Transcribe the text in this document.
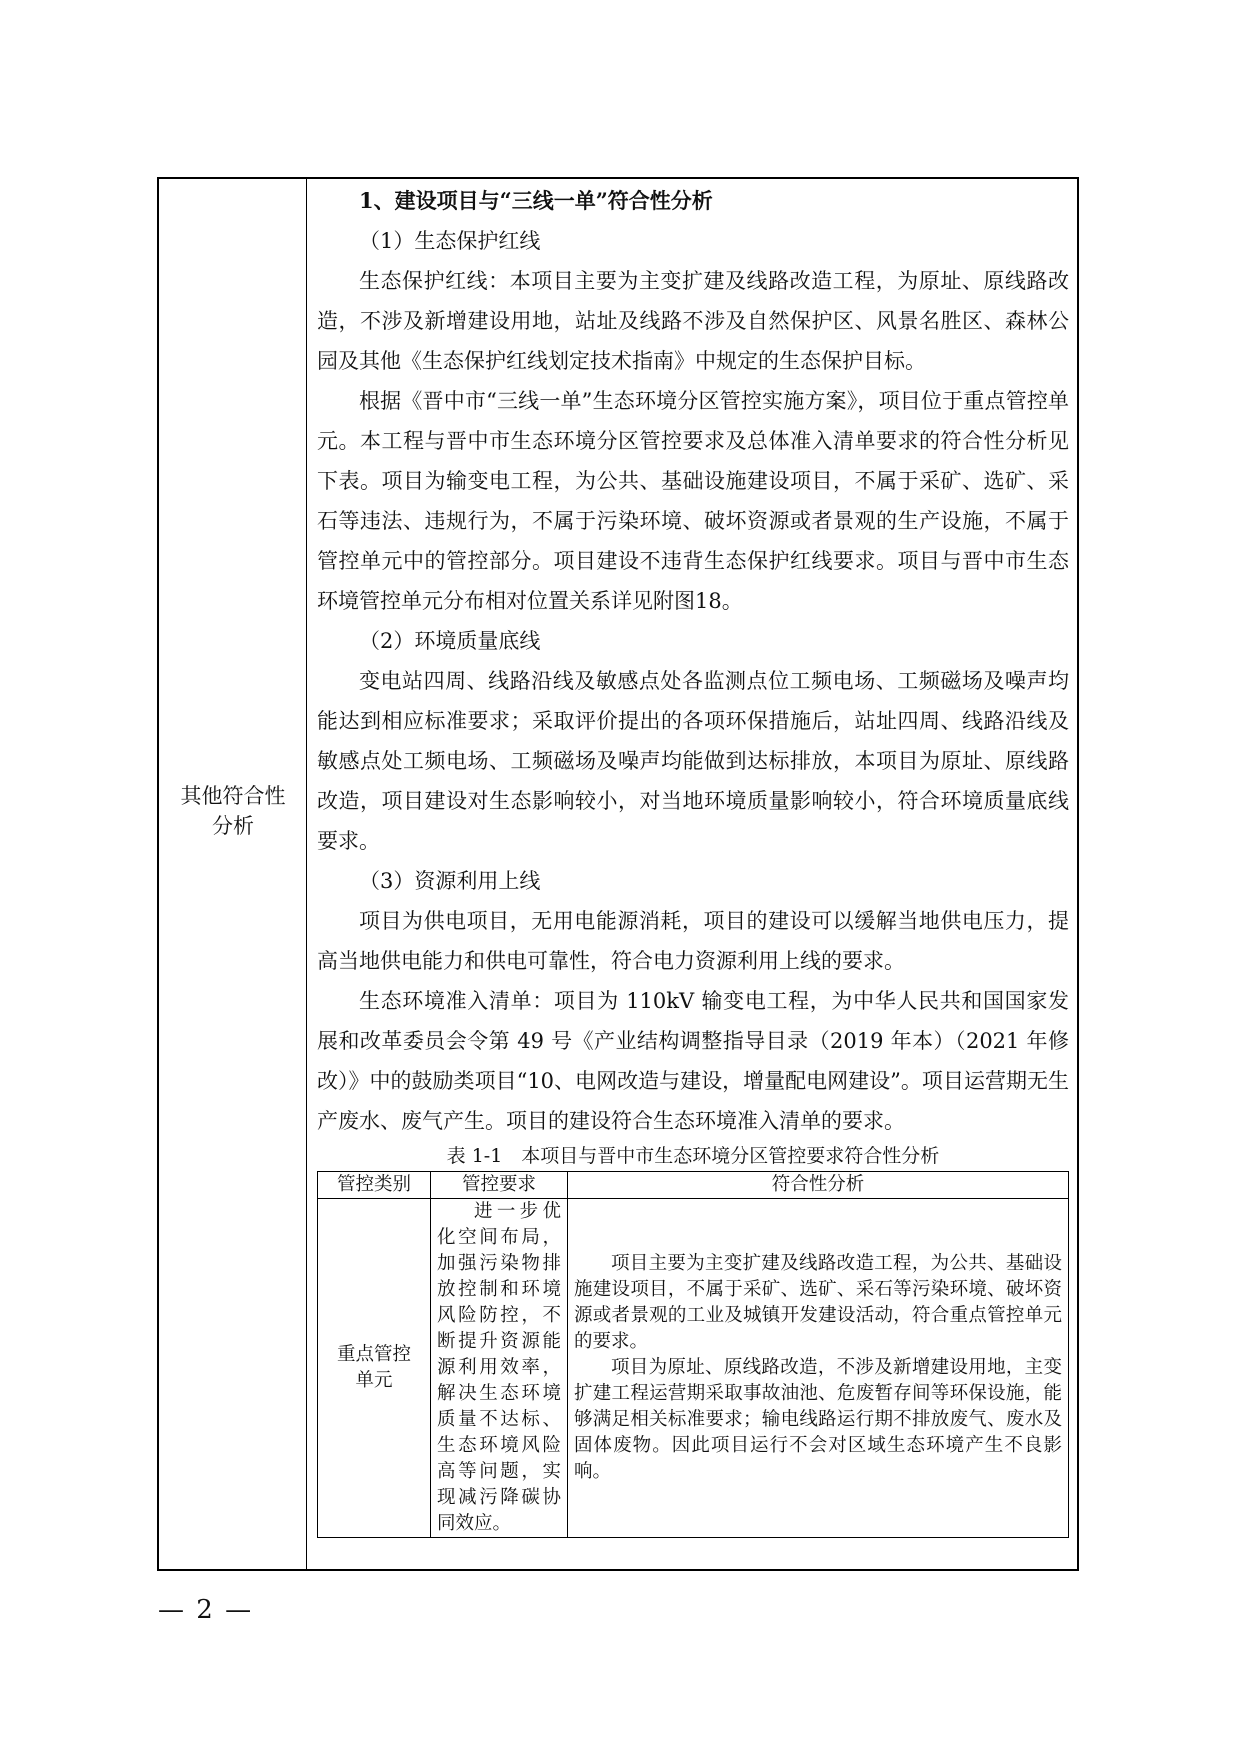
其他符合性
分析

1、建设项目与“三线一单”符合性分析

（1）生态保护红线

生态保护红线：本项目主要为主变扩建及线路改造工程，为原址、原线路改造，不涉及新增建设用地，站址及线路不涉及自然保护区、风景名胜区、森林公园及其他《生态保护红线划定技术指南》中规定的生态保护目标。

根据《晋中市“三线一单”生态环境分区管控实施方案》，项目位于重点管控单元。本工程与晋中市生态环境分区管控要求及总体准入清单要求的符合性分析见下表。项目为输变电工程，为公共、基础设施建设项目，不属于采矿、选矿、采石等违法、违规行为，不属于污染环境、破坏资源或者景观的生产设施，不属于管控单元中的管控部分。项目建设不违背生态保护红线要求。项目与晋中市生态环境管控单元分布相对位置关系详见附图18。

（2）环境质量底线

变电站四周、线路沿线及敏感点处各监测点位工频电场、工频磁场及噪声均能达到相应标准要求；采取评价提出的各项环保措施后，站址四周、线路沿线及敏感点处工频电场、工频磁场及噪声均能做到达标排放，本项目为原址、原线路改造，项目建设对生态影响较小，对当地环境质量影响较小，符合环境质量底线要求。

（3）资源利用上线

项目为供电项目，无用电能源消耗，项目的建设可以缓解当地供电压力，提高当地供电能力和供电可靠性，符合电力资源利用上线的要求。

生态环境准入清单：项目为 110kV 输变电工程，为中华人民共和国国家发展和改革委员会令第 49 号《产业结构调整指导目录（2019 年本）（2021 年修改）》中的鼓励类项目“10、电网改造与建设，增量配电网建设”。项目运营期无生产废水、废气产生。项目的建设符合生态环境准入清单的要求。

表 1-1　本项目与晋中市生态环境分区管控要求符合性分析
管控类别	管控要求	符合性分析

重点管控单元	进一步优化空间布局，加强污染物排放控制和环境风险防控，不断提升资源能源利用效率，解决生态环境质量不达标、生态环境风险高等问题，实现减污降碳协同效应。	项目主要为主变扩建及线路改造工程，为公共、基础设施建设项目，不属于采矿、选矿、采石等污染环境、破坏资源或者景观的工业及城镇开发建设活动，符合重点管控单元的要求。
项目为原址、原线路改造，不涉及新增建设用地，主变扩建工程运营期采取事故油池、危废暂存间等环保设施，能够满足相关标准要求；输电线路运行期不排放废气、废水及固体废物。因此项目运行不会对区域生态环境产生不良影响。
— 2 —
